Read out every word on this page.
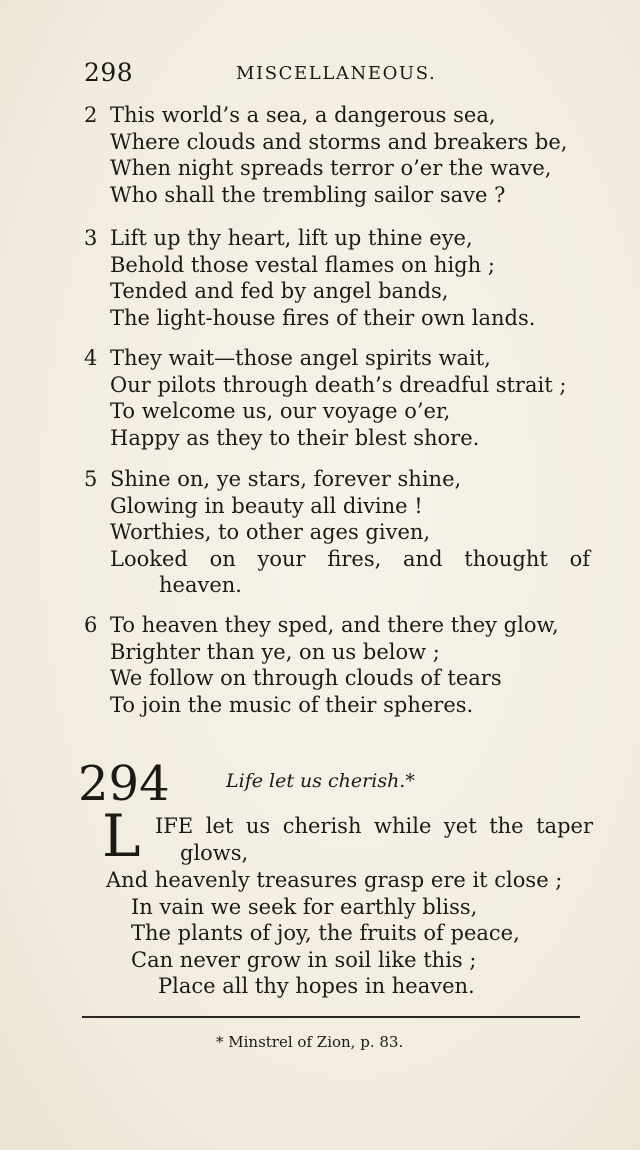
298	MISCELLANEOUS.
2 This world’s a sea, a dangerous sea,
Where clouds and storms and breakers be,
When night spreads terror o’er the wave,
Who shall the trembling sailor save ?
3 Lift up thy heart, lift up thine eye,
Behold those vestal flames on high ;
Tended and fed by angel bands,
The light-house fires of their own lands.
4 They wait—those angel spirits wait,
Our pilots through death’s dreadful strait ;
To welcome us, our voyage o’er,
Happy as they to their blest shore.
5 Shine on, ye stars, forever shine,
Glowing in beauty all divine !
Worthies, to other ages given,
Looked on your fires, and thought of
heaven.
6 To heaven they sped, and there they glow,
Brighter than ye, on us below ;
We follow on through clouds of tears
To join the music of their spheres.
294	Life let us cherish.*
L IFE let us cherish while yet the taper
glows,
And heavenly treasures grasp ere it close ;
In vain we seek for earthly bliss,
The plants of joy, the fruits of peace,
Can never grow in soil like this ;
Place all thy hopes in heaven.
* Minstrel of Zion, p. 83.
